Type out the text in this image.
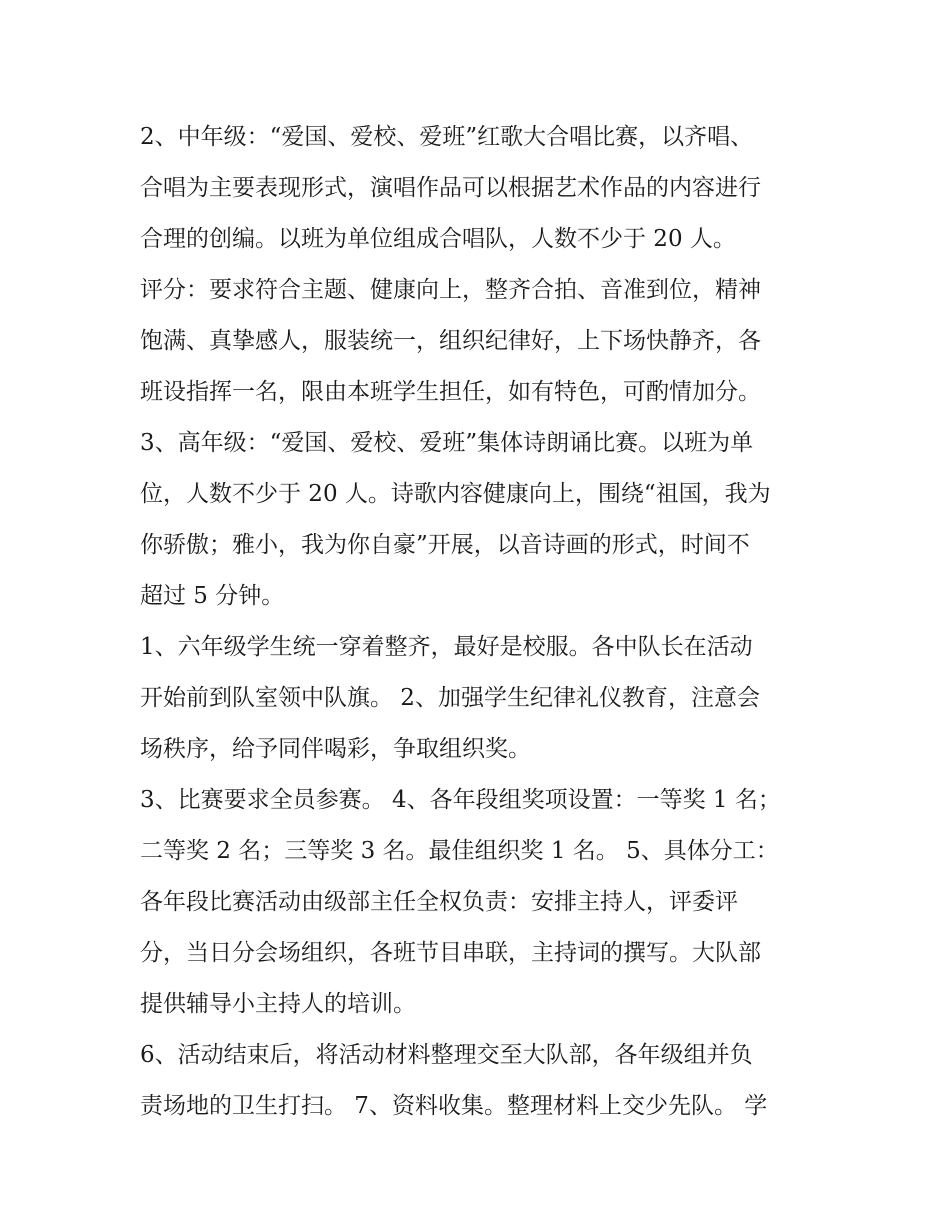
2、中年级：“爱国、爱校、爱班”红歌大合唱比赛，以齐唱、
合唱为主要表现形式，演唱作品可以根据艺术作品的内容进行
合理的创编。以班为单位组成合唱队，人数不少于 20 人。
评分：要求符合主题、健康向上，整齐合拍、音准到位，精神
饱满、真挚感人，服装统一，组织纪律好，上下场快静齐，各
班设指挥一名，限由本班学生担任，如有特色，可酌情加分。
3、高年级：“爱国、爱校、爱班”集体诗朗诵比赛。以班为单
位，人数不少于 20 人。诗歌内容健康向上，围绕“祖国，我为
你骄傲；雅小，我为你自豪”开展，以音诗画的形式，时间不
超过 5 分钟。
1、六年级学生统一穿着整齐，最好是校服。各中队长在活动
开始前到队室领中队旗。 2、加强学生纪律礼仪教育，注意会
场秩序，给予同伴喝彩，争取组织奖。
3、比赛要求全员参赛。 4、各年段组奖项设置：一等奖 1 名；
二等奖 2 名；三等奖 3 名。最佳组织奖 1 名。 5、具体分工：
各年段比赛活动由级部主任全权负责：安排主持人，评委评
分，当日分会场组织，各班节目串联，主持词的撰写。大队部
提供辅导小主持人的培训。
6、活动结束后，将活动材料整理交至大队部，各年级组并负
责场地的卫生打扫。 7、资料收集。整理材料上交少先队。 学
